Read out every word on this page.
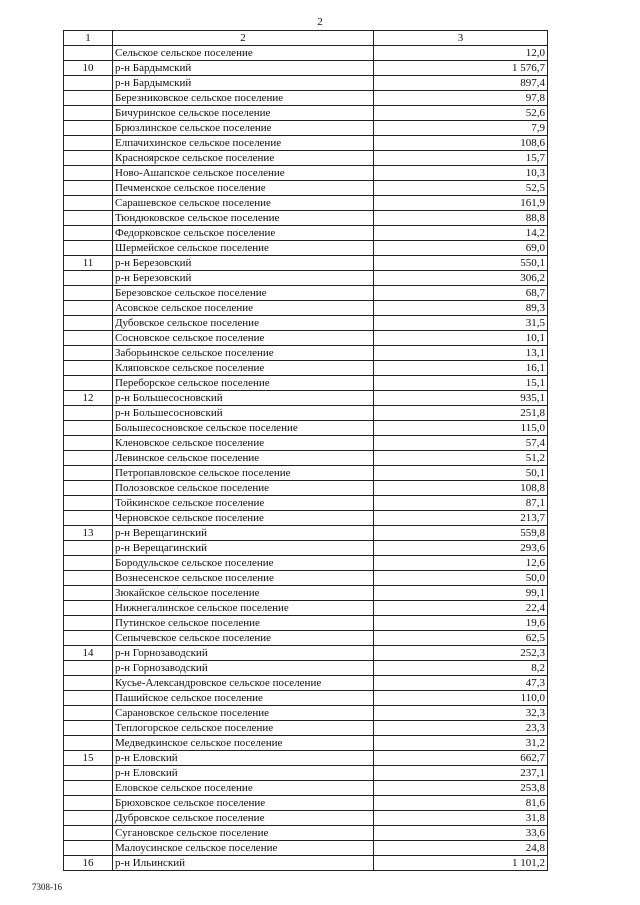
2
1	2	3
	Сельское сельское поселение	12,0
10	р-н Бардымский	1 576,7
	р-н Бардымский	897,4
	Березниковское сельское поселение	97,8
	Бичуринское сельское поселение	52,6
	Брюзлинское сельское поселение	7,9
	Елпачихинское сельское поселение	108,6
	Красноярское сельское поселение	15,7
	Ново-Ашапское сельское поселение	10,3
	Печменское сельское поселение	52,5
	Сарашевское сельское поселение	161,9
	Тюндюковское сельское поселение	88,8
	Федорковское сельское поселение	14,2
	Шермейское сельское поселение	69,0
11	р-н Березовский	550,1
	р-н Березовский	306,2
	Березовское сельское поселение	68,7
	Асовское сельское поселение	89,3
	Дубовское сельское поселение	31,5
	Сосновское сельское поселение	10,1
	Заборьинское сельское поселение	13,1
	Кляповское сельское поселение	16,1
	Переборское сельское поселение	15,1
12	р-н Большесосновский	935,1
	р-н Большесосновский	251,8
	Большесосновское сельское поселение	115,0
	Кленовское сельское поселение	57,4
	Левинское сельское поселение	51,2
	Петропавловское сельское поселение	50,1
	Полозовское сельское поселение	108,8
	Тойкинское сельское поселение	87,1
	Черновское сельское поселение	213,7
13	р-н Верещагинский	559,8
	р-н Верещагинский	293,6
	Бородульское сельское поселение	12,6
	Вознесенское сельское поселение	50,0
	Зюкайское сельское поселение	99,1
	Нижнегалинское сельское поселение	22,4
	Путинское сельское поселение	19,6
	Сепычевское сельское поселение	62,5
14	р-н Горнозаводский	252,3
	р-н Горнозаводский	8,2
	Кусье-Александровское сельское поселение	47,3
	Пашийское сельское поселение	110,0
	Сарановское сельское поселение	32,3
	Теплогорское сельское поселение	23,3
	Медведкинское сельское поселение	31,2
15	р-н Еловский	662,7
	р-н Еловский	237,1
	Еловское сельское поселение	253,8
	Брюховское сельское поселение	81,6
	Дубровское сельское поселение	31,8
	Сугановское сельское поселение	33,6
	Малоусинское сельское поселение	24,8
16	р-н Ильинский	1 101,2
7308-16
